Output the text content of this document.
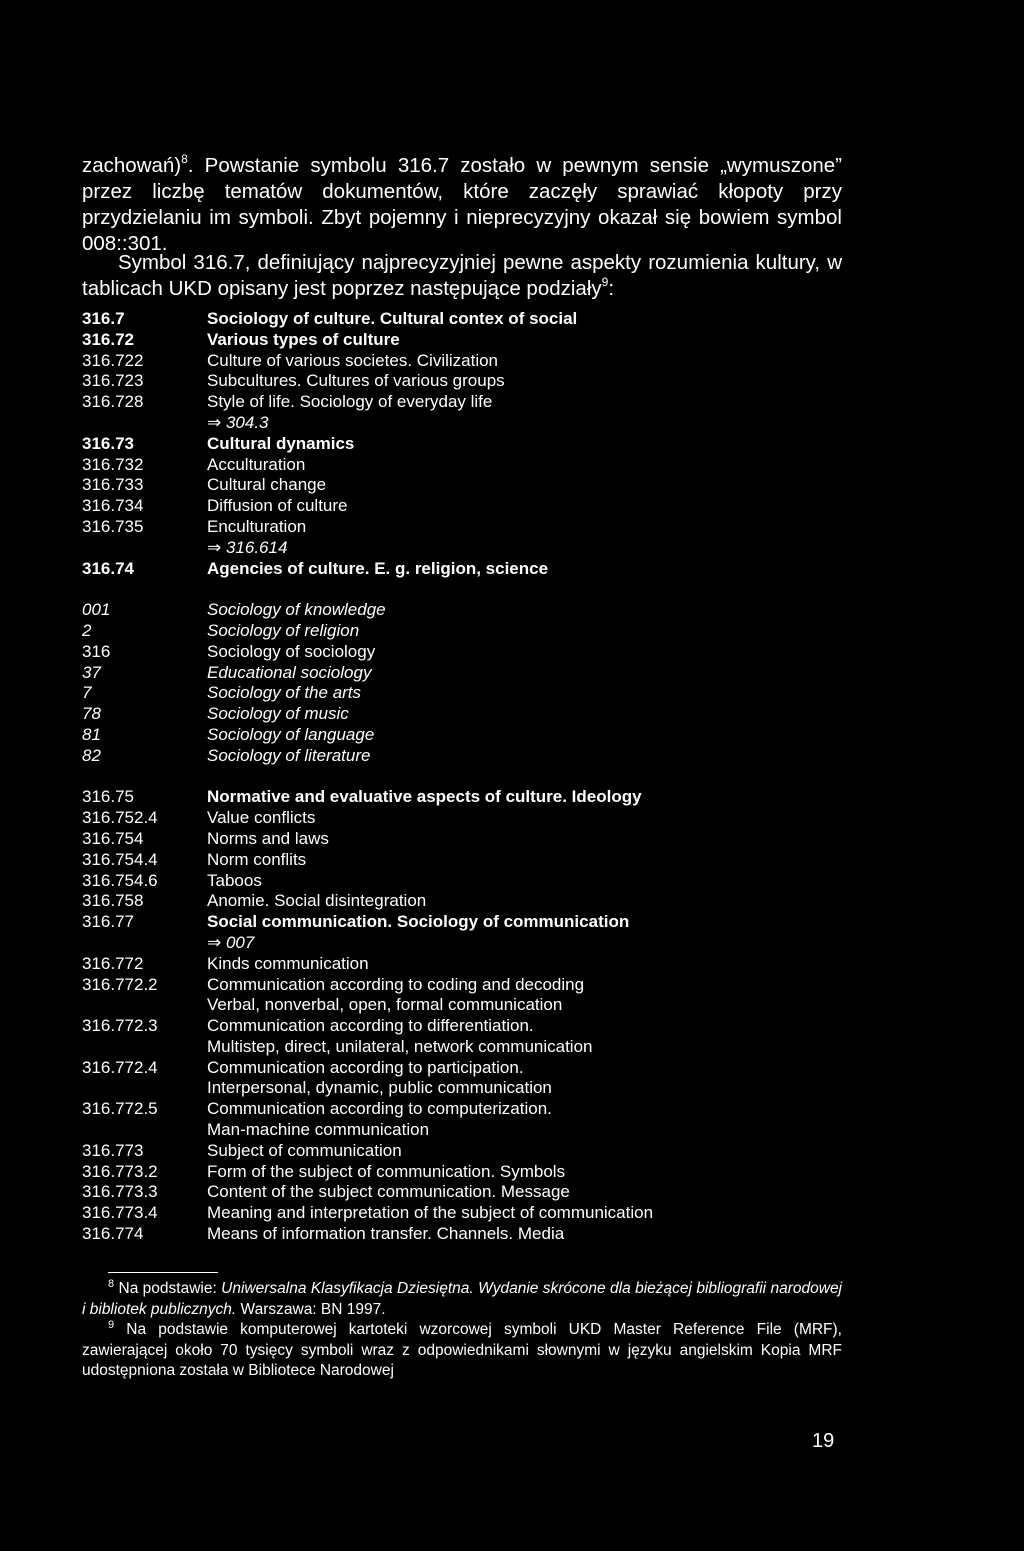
zachowań)$^8$. Powstanie symbolu 316.7 zostało w pewnym sensie „wymuszone” przez liczbę tematów dokumentów, które zaczęły sprawiać kłopoty przy przydzielaniu im symboli. Zbyt pojemny i nieprecyzyjny okazał się bowiem symbol 008::301.

Symbol 316.7, definiujący najprecyzyjniej pewne aspekty rozumienia kultury, w tablicach UKD opisany jest poprzez następujące podziały$^9$:

316.7	Sociology of culture. Cultural contex of social
316.72	Various types of culture
316.722	Culture of various societes. Civilization
316.723	Subcultures. Cultures of various groups
316.728	Style of life. Sociology of everyday life
⇒ 304.3
316.73	Cultural dynamics
316.732	Acculturation
316.733	Cultural change
316.734	Diffusion of culture
316.735	Enculturation
⇒ 316.614
316.74	Agencies of culture. E. g. religion, science
001	Sociology of knowledge
2	Sociology of religion
316	Sociology of sociology
37	Educational sociology
7	Sociology of the arts
78	Sociology of music
81	Sociology of language
82	Sociology of literature
316.75	Normative and evaluative aspects of culture. Ideology
316.752.4	Value conflicts
316.754	Norms and laws
316.754.4	Norm conflits
316.754.6	Taboos
316.758	Anomie. Social disintegration
316.77	Social communication. Sociology of communication
⇒ 007
316.772	Kinds communication
316.772.2	Communication according to coding and decoding
Verbal, nonverbal, open, formal communication
316.772.3	Communication according to differentiation.
Multistep, direct, unilateral, network communication
316.772.4	Communication according to participation.
Interpersonal, dynamic, public communication
316.772.5	Communication according to computerization.
Man-machine communication
316.773	Subject of communication
316.773.2	Form of the subject of communication. Symbols
316.773.3	Content of the subject communication. Message
316.773.4	Meaning and interpretation of the subject of communication
316.774	Means of information transfer. Channels. Media

$^8$ Na podstawie: Uniwersalna Klasyfikacja Dziesiętna. Wydanie skrócone dla bieżącej bibliografii narodowej i bibliotek publicznych. Warszawa: BN 1997.

$^9$ Na podstawie komputerowej kartoteki wzorcowej symboli UKD Master Reference File (MRF), zawierającej około 70 tysięcy symboli wraz z odpowiednikami słownymi w języku angielskim Kopia MRF udostępniona została w Bibliotece Narodowej

19
